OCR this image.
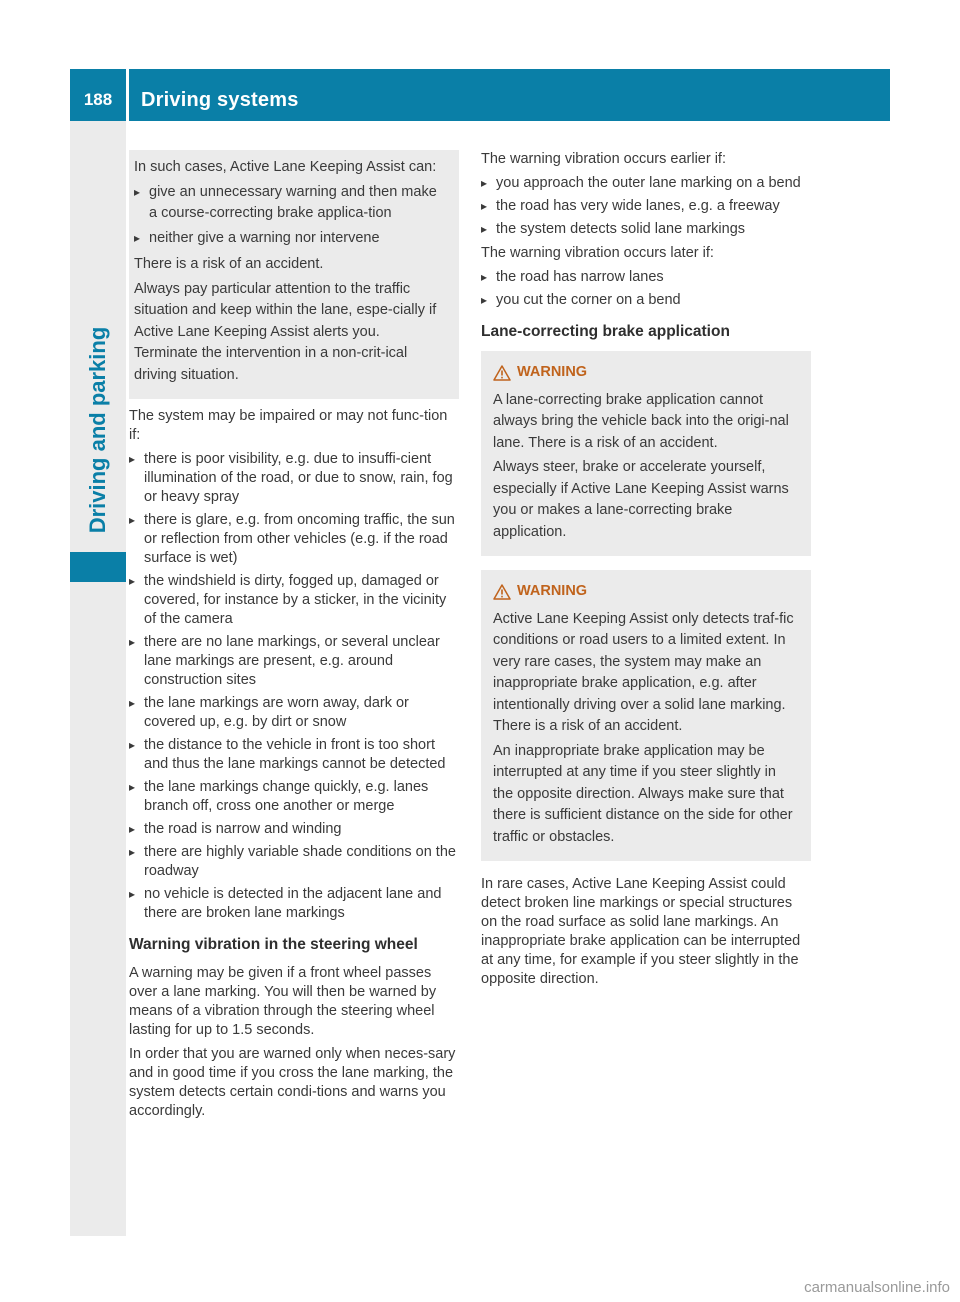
188	Driving systems
Driving and parking

In such cases, Active Lane Keeping Assist can:

▸ give an unnecessary warning and then make a course-correcting brake applica-tion
▸ neither give a warning nor intervene

There is a risk of an accident.

Always pay particular attention to the traffic situation and keep within the lane, espe-cially if Active Lane Keeping Assist alerts you. Terminate the intervention in a non-crit-ical driving situation.

The system may be impaired or may not func-tion if:

▸ there is poor visibility, e.g. due to insuffi-cient illumination of the road, or due to snow, rain, fog or heavy spray
▸ there is glare, e.g. from oncoming traffic, the sun or reflection from other vehicles (e.g. if the road surface is wet)
▸ the windshield is dirty, fogged up, damaged or covered, for instance by a sticker, in the vicinity of the camera
▸ there are no lane markings, or several unclear lane markings are present, e.g. around construction sites
▸ the lane markings are worn away, dark or covered up, e.g. by dirt or snow
▸ the distance to the vehicle in front is too short and thus the lane markings cannot be detected
▸ the lane markings change quickly, e.g. lanes branch off, cross one another or merge
▸ the road is narrow and winding
▸ there are highly variable shade conditions on the roadway
▸ no vehicle is detected in the adjacent lane and there are broken lane markings
Warning vibration in the steering wheel

A warning may be given if a front wheel passes over a lane marking. You will then be warned by means of a vibration through the steering wheel lasting for up to 1.5 seconds.

In order that you are warned only when neces-sary and in good time if you cross the lane marking, the system detects certain condi-tions and warns you accordingly.

The warning vibration occurs earlier if:

▸ you approach the outer lane marking on a bend
▸ the road has very wide lanes, e.g. a freeway
▸ the system detects solid lane markings

The warning vibration occurs later if:

▸ the road has narrow lanes
▸ you cut the corner on a bend
Lane-correcting brake application
WARNING

A lane-correcting brake application cannot always bring the vehicle back into the origi-nal lane. There is a risk of an accident.

Always steer, brake or accelerate yourself, especially if Active Lane Keeping Assist warns you or makes a lane-correcting brake application.

WARNING

Active Lane Keeping Assist only detects traf-fic conditions or road users to a limited extent. In very rare cases, the system may make an inappropriate brake application, e.g. after intentionally driving over a solid lane marking. There is a risk of an accident.

An inappropriate brake application may be interrupted at any time if you steer slightly in the opposite direction. Always make sure that there is sufficient distance on the side for other traffic or obstacles.

In rare cases, Active Lane Keeping Assist could detect broken line markings or special structures on the road surface as solid lane markings. An inappropriate brake application can be interrupted at any time, for example if you steer slightly in the opposite direction.

carmanualsonline.info
